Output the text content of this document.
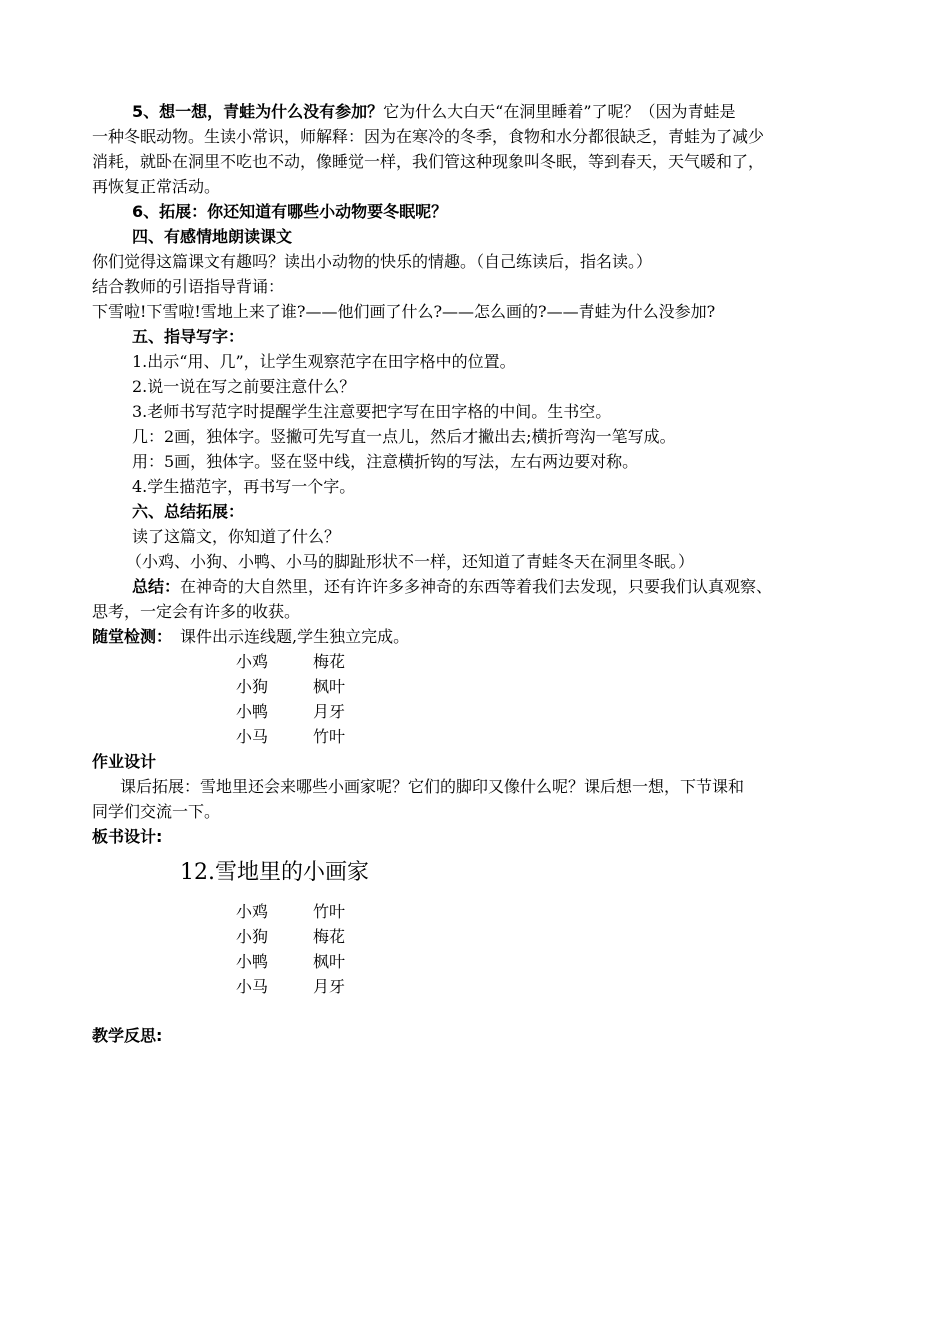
5、想一想，青蛙为什么没有参加？它为什么大白天“在洞里睡着”了呢？（因为青蛙是
一种冬眠动物。生读小常识，师解释：因为在寒冷的冬季，食物和水分都很缺乏，青蛙为了减少
消耗，就卧在洞里不吃也不动，像睡觉一样，我们管这种现象叫冬眠，等到春天，天气暖和了，
再恢复正常活动。
6、拓展：你还知道有哪些小动物要冬眠呢？
四、有感情地朗读课文
你们觉得这篇课文有趣吗？读出小动物的快乐的情趣。（自己练读后，指名读。）
结合教师的引语指导背诵：
下雪啦!下雪啦!雪地上来了谁?——他们画了什么?——怎么画的?——青蛙为什么没参加?
五、指导写字：
1.出示“用、几”，让学生观察范字在田字格中的位置。
2.说一说在写之前要注意什么？
3.老师书写范字时提醒学生注意要把字写在田字格的中间。生书空。
几：2画，独体字。竖撇可先写直一点儿，然后才撇出去;横折弯沟一笔写成。
用：5画，独体字。竖在竖中线，注意横折钩的写法，左右两边要对称。
4.学生描范字，再书写一个字。
六、总结拓展：
读了这篇文，你知道了什么？
（小鸡、小狗、小鸭、小马的脚趾形状不一样，还知道了青蛙冬天在洞里冬眠。）
总结：在神奇的大自然里，还有许许多多神奇的东西等着我们去发现，只要我们认真观察、
思考，一定会有许多的收获。
随堂检测： 课件出示连线题,学生独立完成。
小鸡	梅花
小狗	枫叶
小鸭	月牙
小马	竹叶
作业设计
课后拓展：雪地里还会来哪些小画家呢？它们的脚印又像什么呢？课后想一想，下节课和
同学们交流一下。
板书设计:
12.雪地里的小画家
小鸡	竹叶
小狗	梅花
小鸭	枫叶
小马	月牙
教学反思:
